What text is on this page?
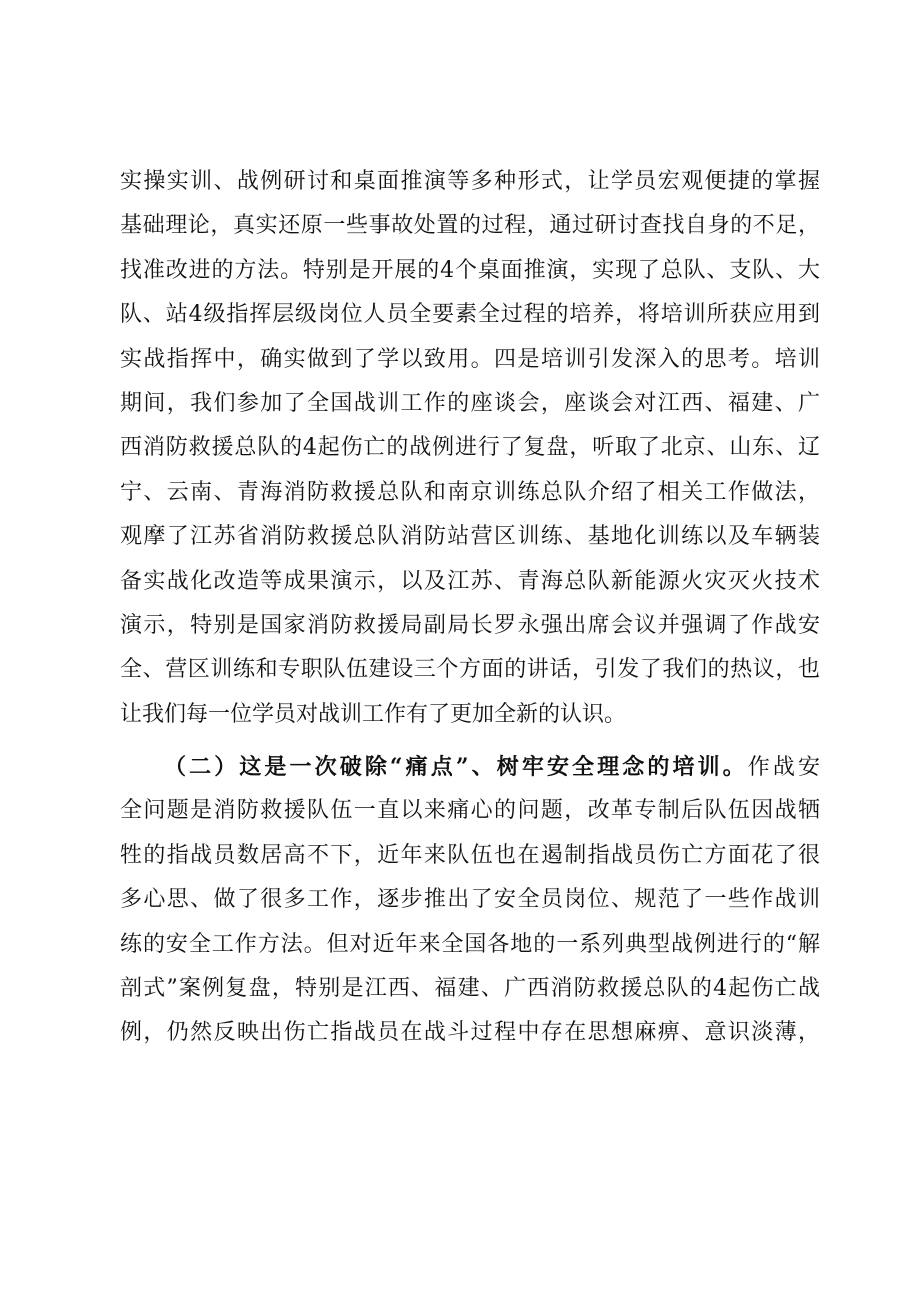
实操实训、战例研讨和桌面推演等多种形式，让学员宏观便捷的掌握
基础理论，真实还原一些事故处置的过程，通过研讨查找自身的不足，
找准改进的方法。特别是开展的4个桌面推演，实现了总队、支队、大
队、站4级指挥层级岗位人员全要素全过程的培养，将培训所获应用到
实战指挥中，确实做到了学以致用。四是培训引发深入的思考。培训
期间，我们参加了全国战训工作的座谈会，座谈会对江西、福建、广
西消防救援总队的4起伤亡的战例进行了复盘，听取了北京、山东、辽
宁、云南、青海消防救援总队和南京训练总队介绍了相关工作做法，
观摩了江苏省消防救援总队消防站营区训练、基地化训练以及车辆装
备实战化改造等成果演示，以及江苏、青海总队新能源火灾灭火技术
演示，特别是国家消防救援局副局长罗永强出席会议并强调了作战安
全、营区训练和专职队伍建设三个方面的讲话，引发了我们的热议，也
让我们每一位学员对战训工作有了更加全新的认识。
（二）这是一次破除“痛点”、树牢安全理念的培训。作战安
全问题是消防救援队伍一直以来痛心的问题，改革专制后队伍因战牺
牲的指战员数居高不下，近年来队伍也在遏制指战员伤亡方面花了很
多心思、做了很多工作，逐步推出了安全员岗位、规范了一些作战训
练的安全工作方法。但对近年来全国各地的一系列典型战例进行的“解
剖式”案例复盘，特别是江西、福建、广西消防救援总队的4起伤亡战
例，仍然反映出伤亡指战员在战斗过程中存在思想麻痹、意识淡薄，
